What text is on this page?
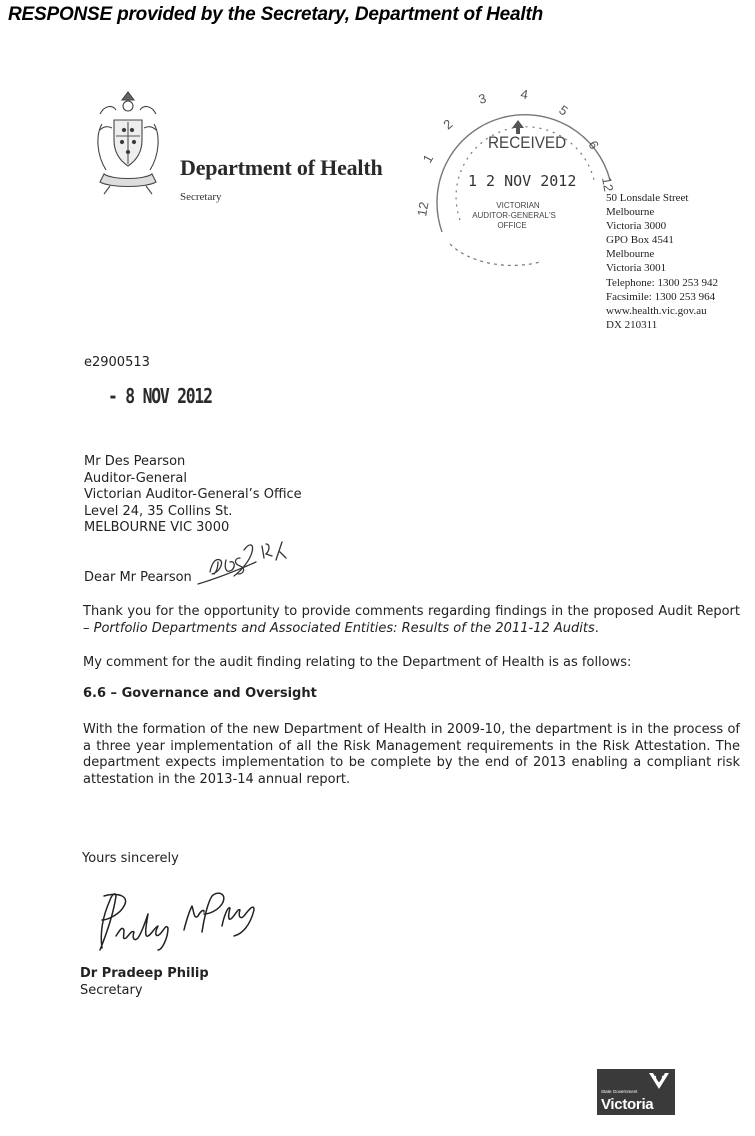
RESPONSE provided by the Secretary, Department of Health
Department of Health
Secretary
12
1
2
3 4
5
6
12
RECEIVED
1 2 NOV 2012
VICTORIAN
AUDITOR-GENERAL'S
OFFICE
50 Lonsdale Street
Melbourne
Victoria 3000
GPO Box 4541
Melbourne
Victoria 3001
Telephone: 1300 253 942
Facsimile: 1300 253 964
www.health.vic.gov.au
DX 210311
e2900513
- 8 NOV 2012
Mr Des Pearson
Auditor-General
Victorian Auditor-General’s Office
Level 24, 35 Collins St.
MELBOURNE VIC 3000
Dear Mr Pearson
Thank you for the opportunity to provide comments regarding findings in the proposed Audit Report – Portfolio Departments and Associated Entities: Results of the 2011-12 Audits.
My comment for the audit finding relating to the Department of Health is as follows:
6.6 – Governance and Oversight
With the formation of the new Department of Health in 2009-10, the department is in the process of a three year implementation of all the Risk Management requirements in the Risk Attestation. The department expects implementation to be complete by the end of 2013 enabling a compliant risk attestation in the 2013-14 annual report.
Yours sincerely
Dr Pradeep Philip
Secretary
State Government
Victoria
